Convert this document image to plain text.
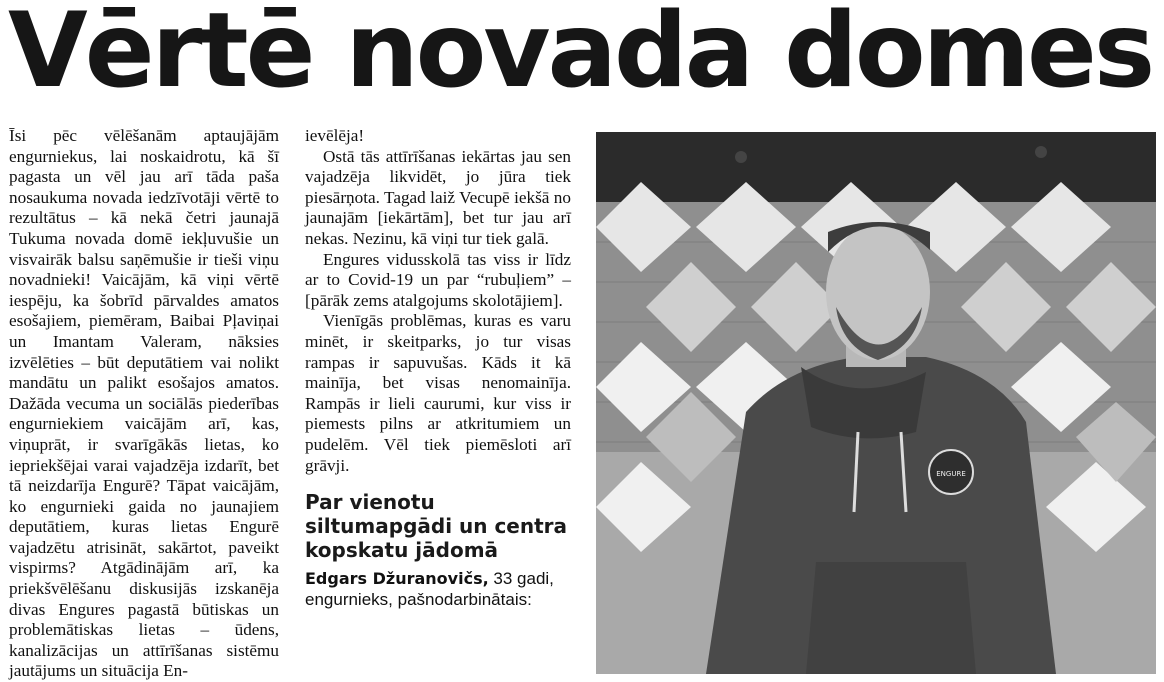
Vērtē novada domes

Īsi pēc vēlēšanām aptaujājām engurniekus, lai noskaidrotu, kā šī pagasta un vēl jau arī tāda paša nosaukuma novada iedzīvotāji vērtē to rezultātus – kā nekā četri jaunajā Tukuma novada domē iekļuvušie un visvairāk balsu saņēmušie ir tieši viņu novadnieki! Vaicājām, kā viņi vērtē iespēju, ka šobrīd pārvaldes amatos esošajiem, piemēram, Baibai Pļaviņai un Imantam Valeram, nāksies izvēlēties – būt deputātiem vai nolikt mandātu un palikt esošajos amatos. Dažāda vecuma un sociālās piederības engurniekiem vaicājām arī, kas, viņuprāt, ir svarīgākās lietas, ko iepriekšējai varai vajadzēja izdarīt, bet tā neizdarīja Engurē? Tāpat vaicājām, ko engurnieki gaida no jaunajiem deputātiem, kuras lietas Engurē vajadzētu atrisināt, sakārtot, paveikt vispirms? Atgādinājām arī, ka priekšvēlēšanu diskusijās izskanēja divas Engures pagastā būtiskas un problemātiskas lietas – ūdens, kanalizācijas un attīrīšanas sistēmu jautājums un situācija En-

ievēlēja!

Ostā tās attīrīšanas iekārtas jau sen vajadzēja likvidēt, jo jūra tiek piesārņota. Tagad laiž Vecupē iekšā no jaunajām [iekārtām], bet tur jau arī nekas. Nezinu, kā viņi tur tiek galā.

Engures vidusskolā tas viss ir līdz ar to Covid-19 un par “rubuļiem” – [pārāk zems atalgojums skolotājiem].

Vienīgās problēmas, kuras es varu minēt, ir skeitparks, jo tur visas rampas ir sapuvušas. Kāds it kā mainīja, bet visas nenomainīja. Rampās ir lieli caurumi, kur viss ir piemests pilns ar atkritumiem un pudelēm. Vēl tiek piemēsloti arī grāvji.

Par vienotu siltumapgādi un centra kopskatu jādomā
Edgars Džuranovičs, 33 gadi, engurnieks, pašnodarbinātais:
ENGURE
